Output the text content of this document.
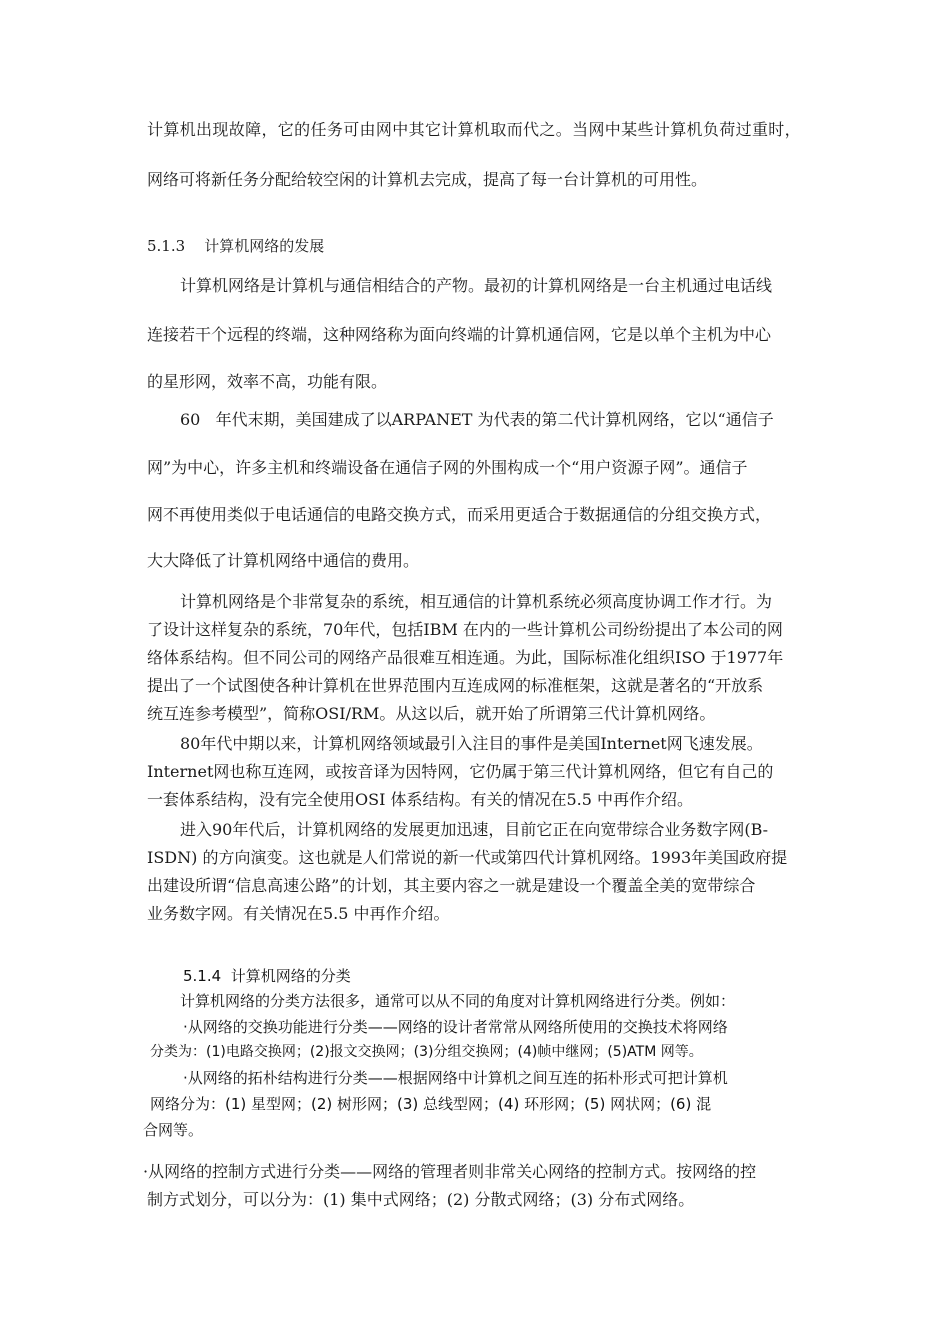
计算机出现故障，它的任务可由网中其它计算机取而代之。当网中某些计算机负荷过重时，
网络可将新任务分配给较空闲的计算机去完成，提高了每一台计算机的可用性。
5.1.3    计算机网络的发展
计算机网络是计算机与通信相结合的产物。最初的计算机网络是一台主机通过电话线
连接若干个远程的终端，这种网络称为面向终端的计算机通信网，它是以单个主机为中心
的星形网，效率不高，功能有限。
60   年代末期，美国建成了以ARPANET 为代表的第二代计算机网络，它以“通信子
网”为中心，许多主机和终端设备在通信子网的外围构成一个“用户资源子网”。通信子
网不再使用类似于电话通信的电路交换方式，而采用更适合于数据通信的分组交换方式，
大大降低了计算机网络中通信的费用。
计算机网络是个非常复杂的系统，相互通信的计算机系统必须高度协调工作才行。为
了设计这样复杂的系统，70年代，包括IBM 在内的一些计算机公司纷纷提出了本公司的网
络体系结构。但不同公司的网络产品很难互相连通。为此，国际标准化组织ISO 于1977年
提出了一个试图使各种计算机在世界范围内互连成网的标准框架，这就是著名的“开放系
统互连参考模型”，简称OSI/RM。从这以后，就开始了所谓第三代计算机网络。
80年代中期以来，计算机网络领域最引入注目的事件是美国Internet网飞速发展。
Internet网也称互连网，或按音译为因特网，它仍属于第三代计算机网络，但它有自己的
一套体系结构，没有完全使用OSI 体系结构。有关的情况在5.5 中再作介绍。
进入90年代后，计算机网络的发展更加迅速，目前它正在向宽带综合业务数字网(B-
ISDN) 的方向演变。这也就是人们常说的新一代或第四代计算机网络。1993年美国政府提
出建设所谓“信息高速公路”的计划，其主要内容之一就是建设一个覆盖全美的宽带综合
业务数字网。有关情况在5.5 中再作介绍。
5.1.4  计算机网络的分类
计算机网络的分类方法很多，通常可以从不同的角度对计算机网络进行分类。例如：
·从网络的交换功能进行分类——网络的设计者常常从网络所使用的交换技术将网络
分类为：(1)电路交换网；(2)报文交换网；(3)分组交换网；(4)帧中继网；(5)ATM 网等。
·从网络的拓朴结构进行分类——根据网络中计算机之间互连的拓朴形式可把计算机
网络分为：(1) 星型网；(2) 树形网；(3) 总线型网；(4) 环形网；(5) 网状网；(6) 混
合网等。
·从网络的控制方式进行分类——网络的管理者则非常关心网络的控制方式。按网络的控
制方式划分，可以分为：(1) 集中式网络；(2) 分散式网络；(3) 分布式网络。
